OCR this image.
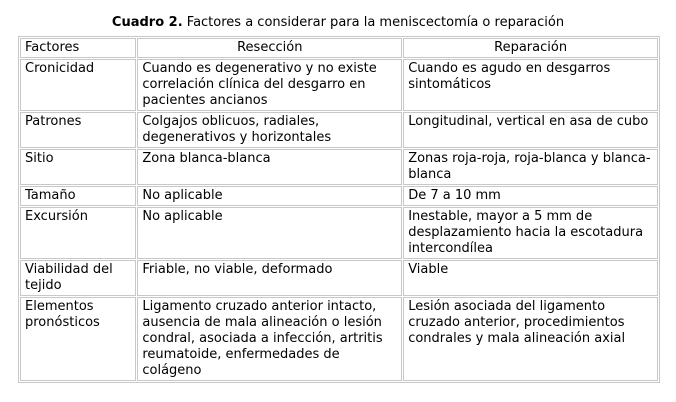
Cuadro 2. Factores a considerar para la meniscectomía o reparación
Factores	Resección	Reparación
Cronicidad	Cuando es degenerativo y no existe correlación clínica del desgarro en pacientes ancianos	Cuando es agudo en desgarros sintomáticos
Patrones	Colgajos oblicuos, radiales, degenerativos y horizontales	Longitudinal, vertical en asa de cubo
Sitio	Zona blanca-blanca	Zonas roja-roja, roja-blanca y blanca-blanca
Tamaño	No aplicable	De 7 a 10 mm
Excursión	No aplicable	Inestable, mayor a 5 mm de desplazamiento hacia la escotadura intercondílea
Viabilidad del tejido	Friable, no viable, deformado	Viable
Elementos pronósticos	Ligamento cruzado anterior intacto, ausencia de mala alineación o lesión condral, asociada a infección, artritis reumatoide, enfermedades de colágeno	Lesión asociada del ligamento cruzado anterior, procedimientos condrales y mala alineación axial
